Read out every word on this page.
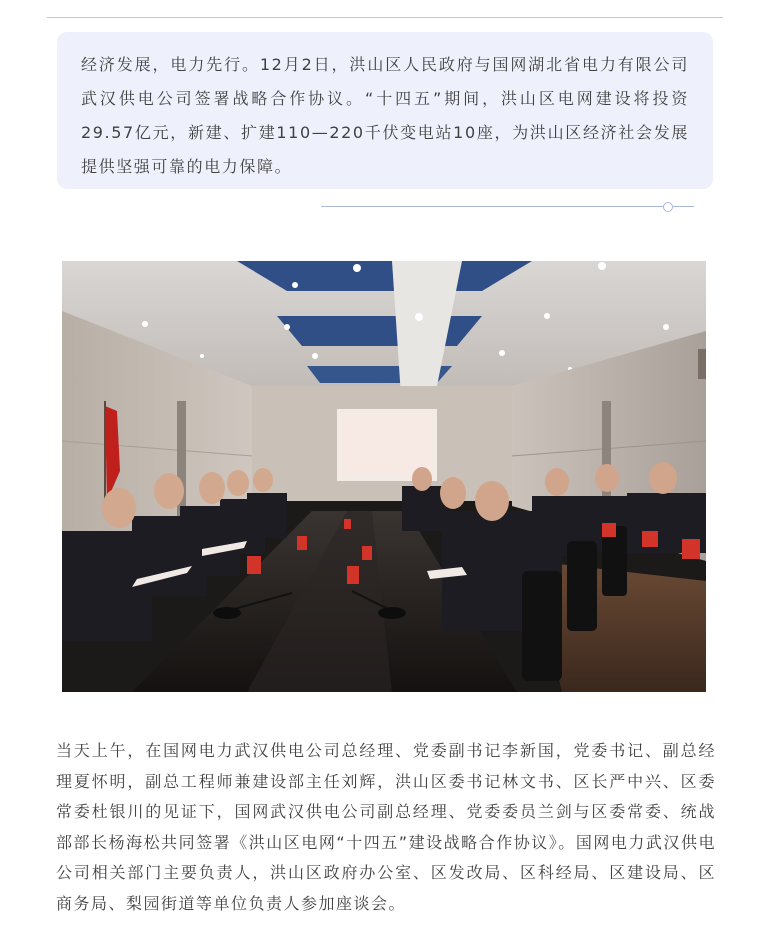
经济发展，电力先行。12月2日，洪山区人民政府与国网湖北省电力有限公司武汉供电公司签署战略合作协议。“十四五”期间，洪山区电网建设将投资29.57亿元，新建、扩建110—220千伏变电站10座，为洪山区经济社会发展提供坚强可靠的电力保障。

当天上午，在国网电力武汉供电公司总经理、党委副书记李新国，党委书记、副总经理夏怀明，副总工程师兼建设部主任刘辉，洪山区委书记林文书、区长严中兴、区委常委杜银川的见证下，国网武汉供电公司副总经理、党委委员兰剑与区委常委、统战部部长杨海松共同签署《洪山区电网“十四五”建设战略合作协议》。国网电力武汉供电公司相关部门主要负责人，洪山区政府办公室、区发改局、区科经局、区建设局、区商务局、梨园街道等单位负责人参加座谈会。
